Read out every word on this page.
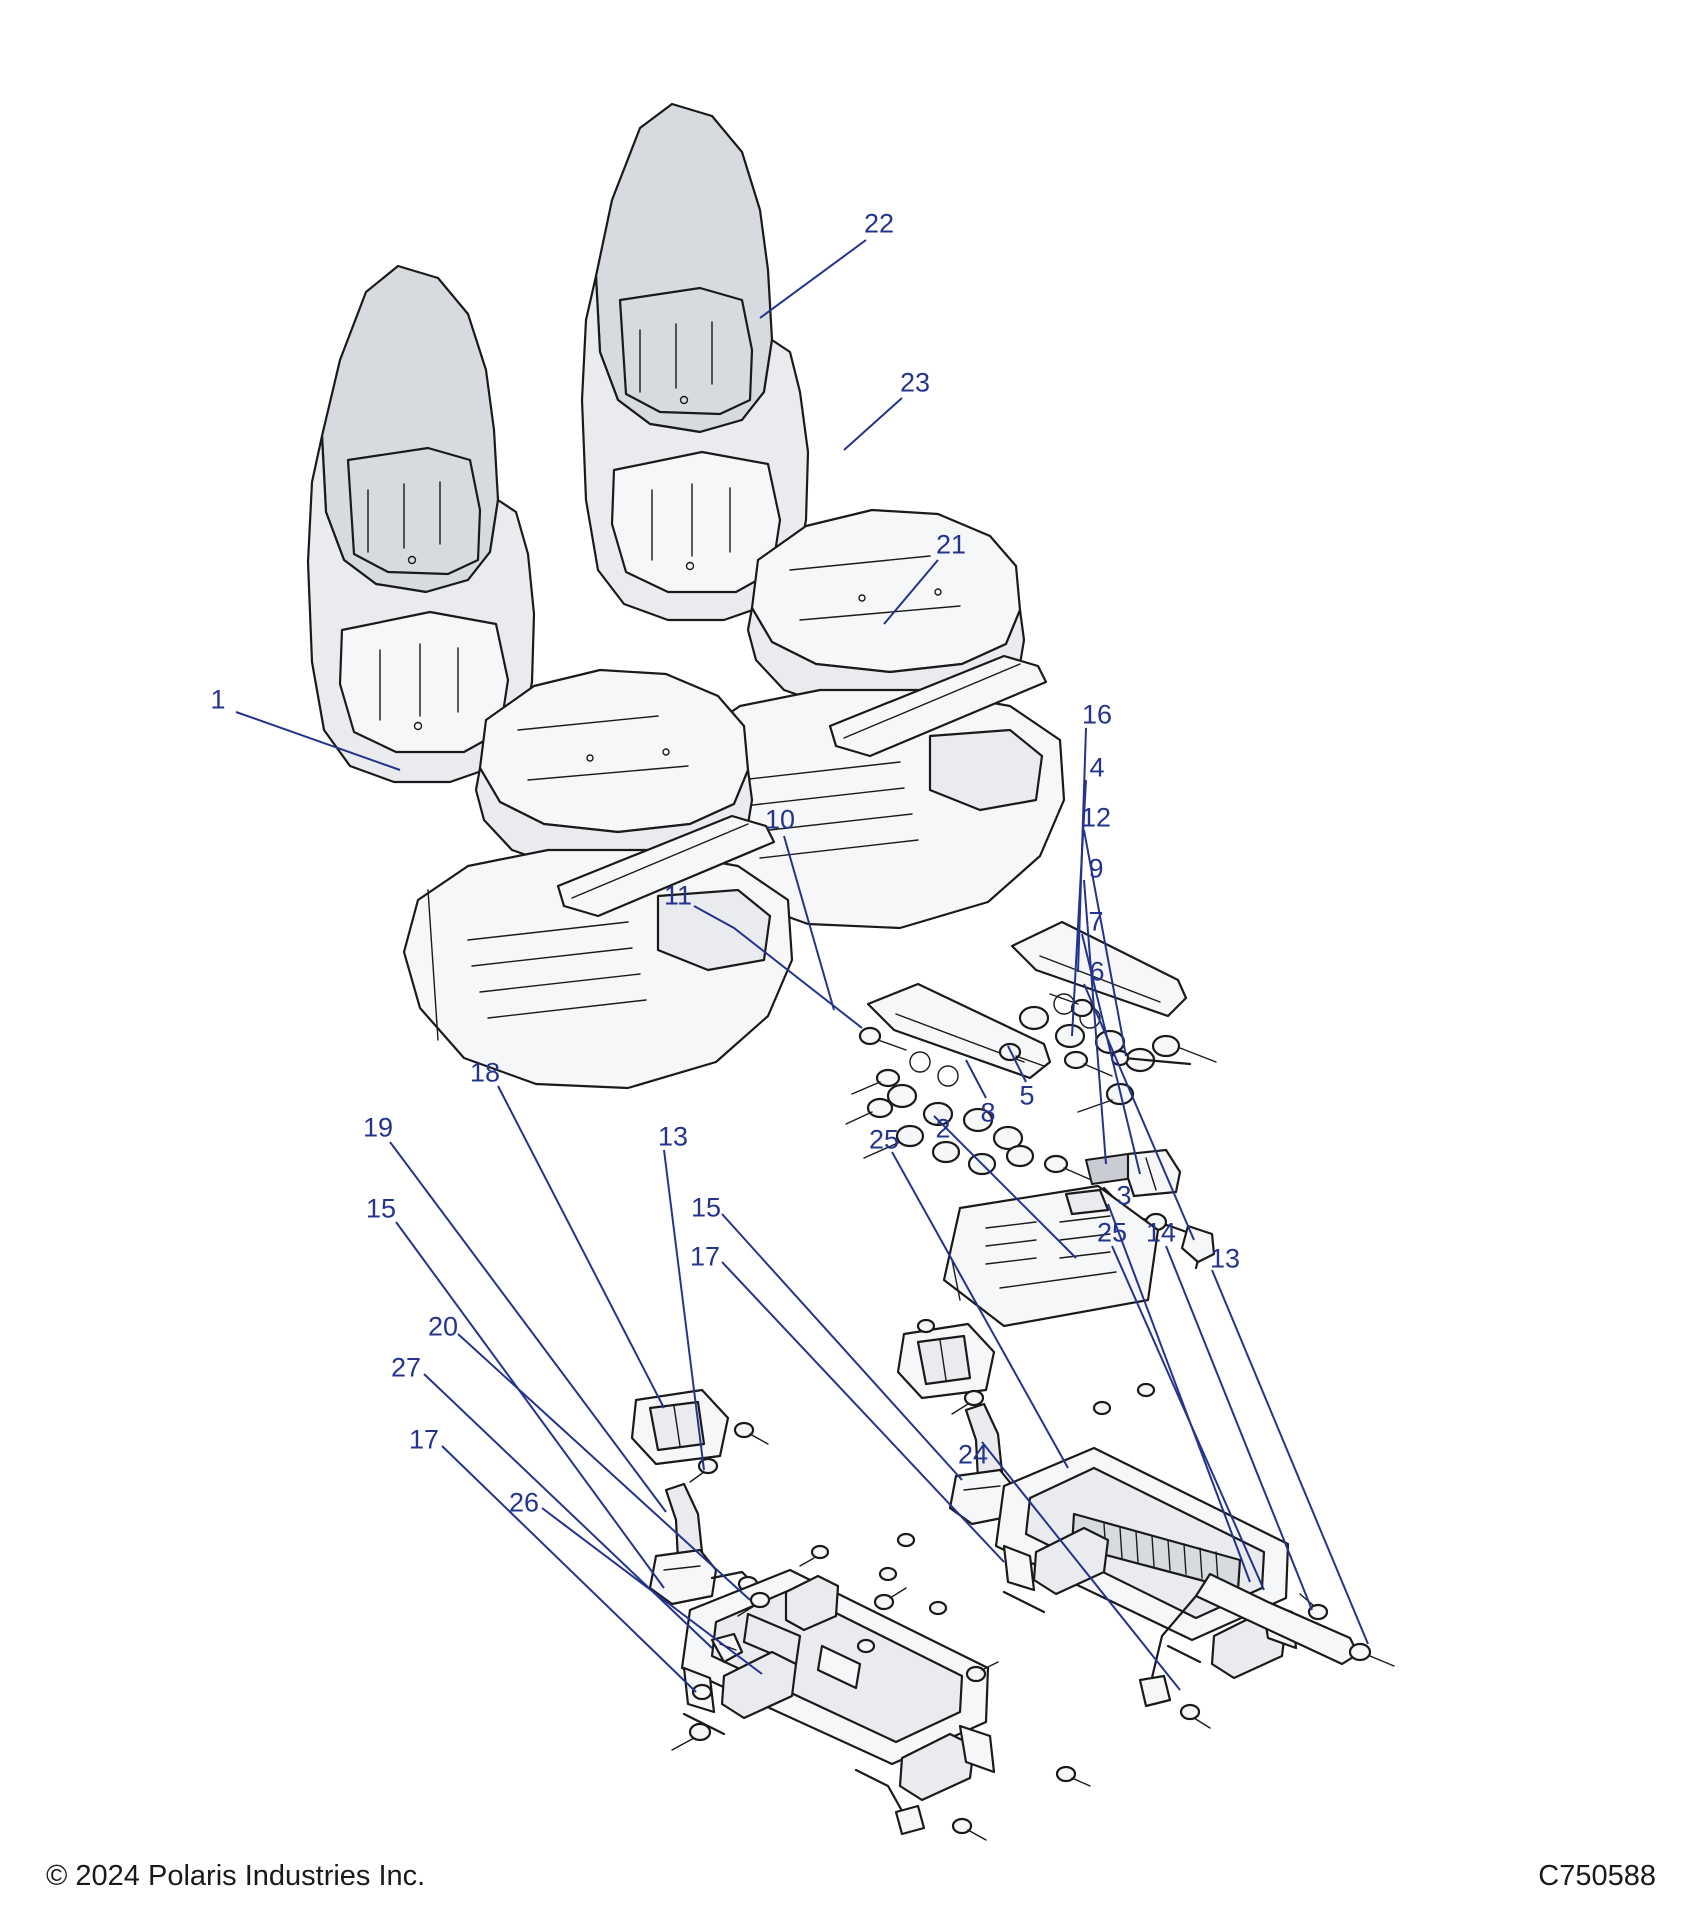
1
22
23
21
16
4
12
9
7
6
10
11
5
8
2
18
13
19
15
20
27
17
26
15
17
25
3
25 14
13
24
© 2024 Polaris Industries Inc.	C750588
